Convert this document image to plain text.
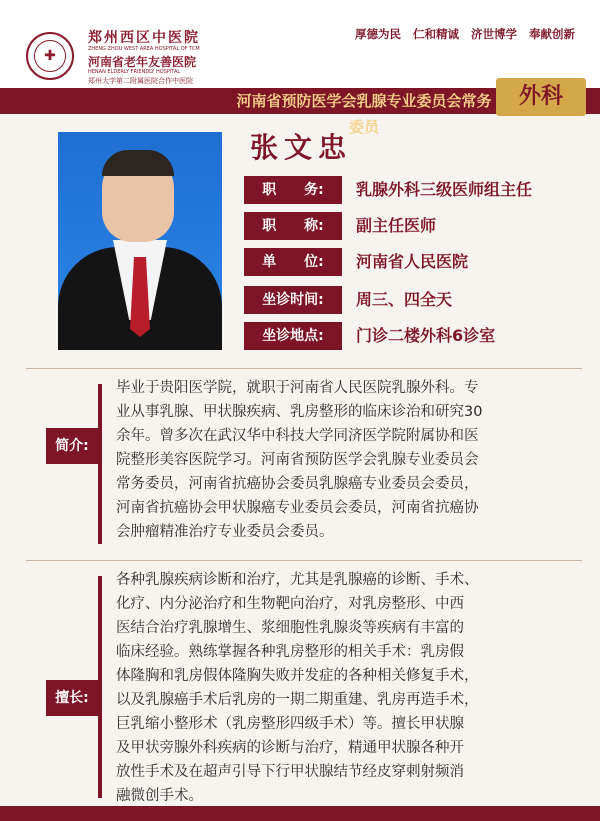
✚
郑州西区中医院
ZHENG ZHOU WEST AREA HOSPITAL OF TCM
河南省老年友善医院
HENAN ELDERLY FRIENDLY HOSPITAL
郑州大学第二附属医院合作中医院
厚德为民 仁和精诚 济世博学 奉献创新
河南省预防医学会乳腺专业委员会常务委员
外科
张文忠
职　　务:	乳腺外科三级医师组主任
职　　称:	副主任医师
单　　位:	河南省人民医院
坐诊时间:	周三、四全天
坐诊地点:	门诊二楼外科6诊室
简介:
毕业于贵阳医学院，就职于河南省人民医院乳腺外科。专
业从事乳腺、甲状腺疾病、乳房整形的临床诊治和研究30
余年。曾多次在武汉华中科技大学同济医学院附属协和医
院整形美容医院学习。河南省预防医学会乳腺专业委员会
常务委员，河南省抗癌协会委员乳腺癌专业委员会委员，
河南省抗癌协会甲状腺癌专业委员会委员，河南省抗癌协
会肿瘤精准治疗专业委员会委员。
擅长:
各种乳腺疾病诊断和治疗，尤其是乳腺癌的诊断、手术、
化疗、内分泌治疗和生物靶向治疗，对乳房整形、中西
医结合治疗乳腺增生、浆细胞性乳腺炎等疾病有丰富的
临床经验。熟练掌握各种乳房整形的相关手术：乳房假
体隆胸和乳房假体隆胸失败并发症的各种相关修复手术，
以及乳腺癌手术后乳房的一期二期重建、乳房再造手术，
巨乳缩小整形术（乳房整形四级手术）等。擅长甲状腺
及甲状旁腺外科疾病的诊断与治疗，精通甲状腺各种开
放性手术及在超声引导下行甲状腺结节经皮穿刺射频消
融微创手术。
